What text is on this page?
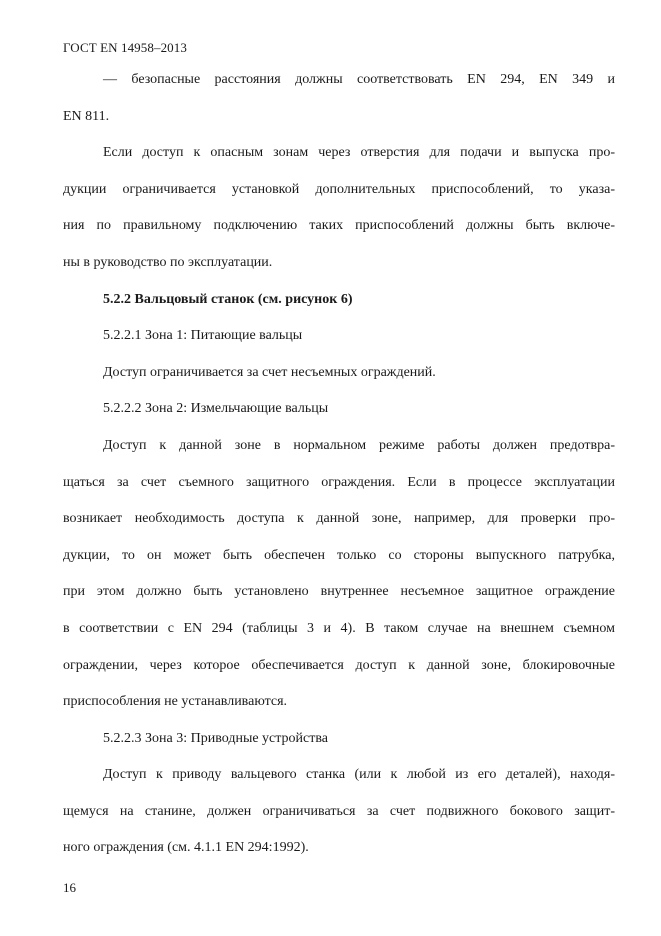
ГОСТ EN 14958–2013
— безопасные расстояния должны соответствовать EN 294, EN 349 и
EN 811.
Если доступ к опасным зонам через отверстия для подачи и выпуска про-
дукции ограничивается установкой дополнительных приспособлений, то указа-
ния по правильному подключению таких приспособлений должны быть включе-
ны в руководство по эксплуатации.
5.2.2 Вальцовый станок (см. рисунок 6)
5.2.2.1 Зона 1: Питающие вальцы
Доступ ограничивается за счет несъемных ограждений.
5.2.2.2 Зона 2: Измельчающие вальцы
Доступ к данной зоне в нормальном режиме работы должен предотвра-
щаться за счет съемного защитного ограждения. Если в процессе эксплуатации
возникает необходимость доступа к данной зоне, например, для проверки про-
дукции, то он может быть обеспечен только со стороны выпускного патрубка,
при этом должно быть установлено внутреннее несъемное защитное ограждение
в соответствии с EN 294 (таблицы 3 и 4). В таком случае на внешнем съемном
ограждении, через которое обеспечивается доступ к данной зоне, блокировочные
приспособления не устанавливаются.
5.2.2.3 Зона 3: Приводные устройства
Доступ к приводу вальцевого станка (или к любой из его деталей), находя-
щемуся на станине, должен ограничиваться за счет подвижного бокового защит-
ного ограждения (см. 4.1.1 EN 294:1992).
16
